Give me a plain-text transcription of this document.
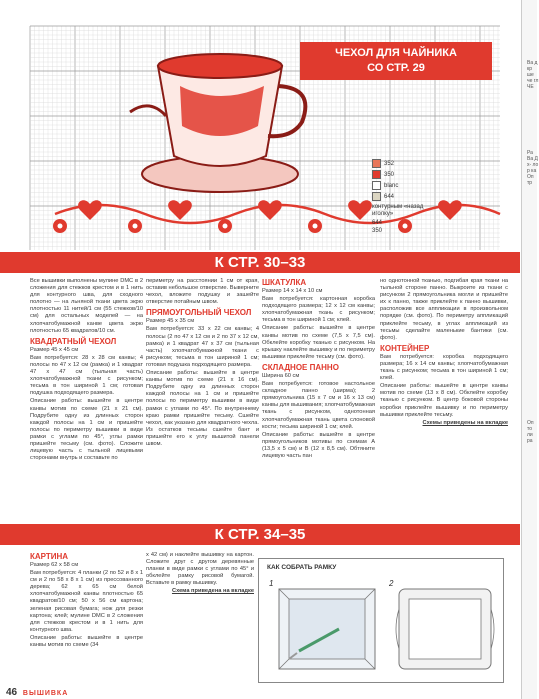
ЧЕХОЛ ДЛЯ ЧАЙНИКА
СО СТР. 29
352
350
blanc
644
контурным «назад иголку»
644
350
К СТР. 30–33

Все вышивки выполнены мулине DMC в 2 сложения для стежков крестом и в 1 нить для контурного шва, для сходного полотно — на льняной ткани цвета экрю плотностью 11 нитей/1 см (55 стежков/10 см) для остальных моделей — на хлопчатобумажной канве цвета экрю плотностью 65 квадратов/10 см.

КВАДРАТНЫЙ ЧЕХОЛ

Размер 45 х 45 см

Вам потребуется: 28 х 28 см канвы; 4 полосы по 47 х 12 см (рамка) и 1 квадрат 47 х 47 см (тыльная часть) хлопчатобумажной ткани с рисунком; тесьма в тон шириной 1 см; готовая подушка подходящего размера.

Описание работы: вышейте в центре канвы мотив по схеме (21 х 21 см). Подрубите одну из длинных сторон каждой полосы на 1 см и пришейте полосы по периметру вышивки в виде рамки с углами по 45°, углы рамки пришейте тесьму (см. фото). Сложите лицевую часть с тыльной лицевыми сторонами внутрь и составьте по

периметру на расстоянии 1 см от края, оставив небольшое отверстие. Выверните чехол, вложите подушку и зашейте отверстие потайным швом.

ПРЯМОУГОЛЬНЫЙ ЧЕХОЛ

Размер 45 х 35 см

Вам потребуется: 33 х 22 см канвы; 4 полосы (2 по 47 х 12 см и 2 по 37 х 12 см, рамка) и 1 квадрат 47 х 37 см (тыльная часть) хлопчатобумажной ткани с рисунком; тесьма в тон шириной 1 см; готовая подушка подходящего размера.

Описание работы: вышейте в центре канвы мотив по схеме (21 х 16 см). Подрубите одну из длинных сторон каждой полосы на 1 см и пришейте полосы по периметру вышивки в виде рамки с углами по 45°. По внутреннему краю рамки пришейте тесьму. Сшейте чехол, как указано для квадратного чехла. Из остатков тесьмы сшейте бант и пришейте его к углу вышитой панели швом.

ШКАТУЛКА

Размер 14 х 14 х 10 см

Вам потребуется: картонная коробка подходящего размера; 12 х 12 см канвы; хлопчатобумажная ткань с рисунком; тесьма в тон шириной 1 см; клей.

Описание работы: вышейте в центре канвы мотив по схеме (7,5 х 7,5 см). Обклейте коробку тканью с рисунком. На крышку наклейте вышивку и по периметру вышивки приклейте тесьму (см. фото).

СКЛАДНОЕ ПАННО

Ширина 60 см

Вам потребуется: готовое настольное складное панно (ширмa); 2 прямоугольника (15 х 7 см и 16 х 13 см) канвы для вышивания; хлопчатобумажная ткань с рисунком, однотонная хлопчатобумажная ткань цвета слоновой кости; тесьма шириной 1 см; клей.

Описание работы: вышейте в центре прямоугольников мотивы по схемам А (13,5 х 5 см) и В (12 х 8,5 см). Обтяните лицевую часть пан

но однотонной тканью, подгибая края ткани на тыльной стороне панно. Выкроите из ткани с рисунком 2 прямоугольника могли и пришейте их к панно, также приклейте к панно вышивки, расположив все аппликации в произвольном порядке (см. фото). По периметру аппликаций приклейте тесьму, в углах аппликаций из тесьмы сделайте маленькие бантики (см. фото).

КОНТЕЙНЕР

Вам потребуется: коробка подходящего размера; 16 х 14 см канвы; хлопчатобумажная ткань с рисунком; тесьма в тон шириной 1 см; клей.

Описание работы: вышейте в центре канвы мотив по схеме (13 х 8 см). Обклейте коробку тканью с рисунком. В центр боковой стороны коробки приклейте вышивку и по периметру вышивки приклейте тесьму.

Схемы приведены на вкладке

К СТР. 34–35
КАРТИНА

Размер 62 х 58 см

Вам потребуется: 4 планки (2 по 52 и 8 х 1 см и 2 по 58 х 8 х 1 см) из прессованного дерева; 62 х 65 см белой хлопчатобумажной канвы плотностью 65 квадратов/10 см; 50 х 56 см картона; зеленая рисовая бумага; нож для резки картона; клей; мулине DMC в 2 сложения для стежков крестом и в 1 нить для контурного шва.

Описание работы: вышейте в центре канвы мотив по схеме (34

х 42 см) и наклейте вышивку на картон. Сложите друг с другом деревянные планки в виде рамки с углами по 45° и обклейте рамку рисовой бумагой. Вставьте в рамку вышивку.

Схема приведена на вкладке

КАК СОБРАТЬ РАМКУ
1	2
46 ВЫШИВКА
Ва д кр ше че гл ЧЕ
Ра Ва Д х- ло р ка Оп тр
Оп то ли ра
